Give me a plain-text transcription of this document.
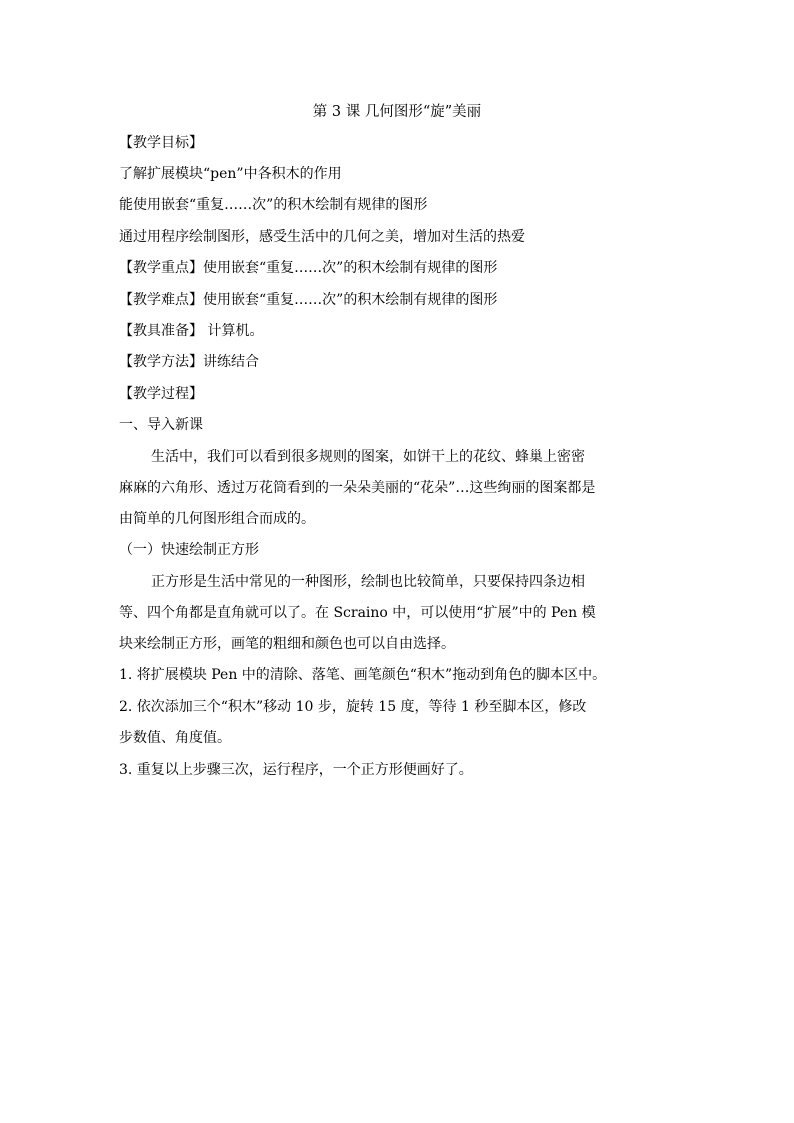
第 3 课 几何图形“旋”美丽
【教学目标】
了解扩展模块“pen”中各积木的作用
能使用嵌套“重复……次”的积木绘制有规律的图形
通过用程序绘制图形，感受生活中的几何之美，增加对生活的热爱
【教学重点】使用嵌套“重复……次”的积木绘制有规律的图形
【教学难点】使用嵌套“重复……次”的积木绘制有规律的图形
【教具准备】 计算机。
【教学方法】讲练结合
【教学过程】
一、导入新课
生活中，我们可以看到很多规则的图案，如饼干上的花纹、蜂巢上密密
麻麻的六角形、透过万花筒看到的一朵朵美丽的“花朵”…这些绚丽的图案都是
由简单的几何图形组合而成的。
（一）快速绘制正方形
正方形是生活中常见的一种图形，绘制也比较简单，只要保持四条边相
等、四个角都是直角就可以了。在 Scraino 中，可以使用“扩展”中的 Pen 模
块来绘制正方形，画笔的粗细和颜色也可以自由选择。
1. 将扩展模块 Pen 中的清除、落笔、画笔颜色“积木”拖动到角色的脚本区中。
2. 依次添加三个“积木”移动 10 步，旋转 15 度，等待 1 秒至脚本区，修改
步数值、角度值。
3. 重复以上步骤三次，运行程序，一个正方形便画好了。
